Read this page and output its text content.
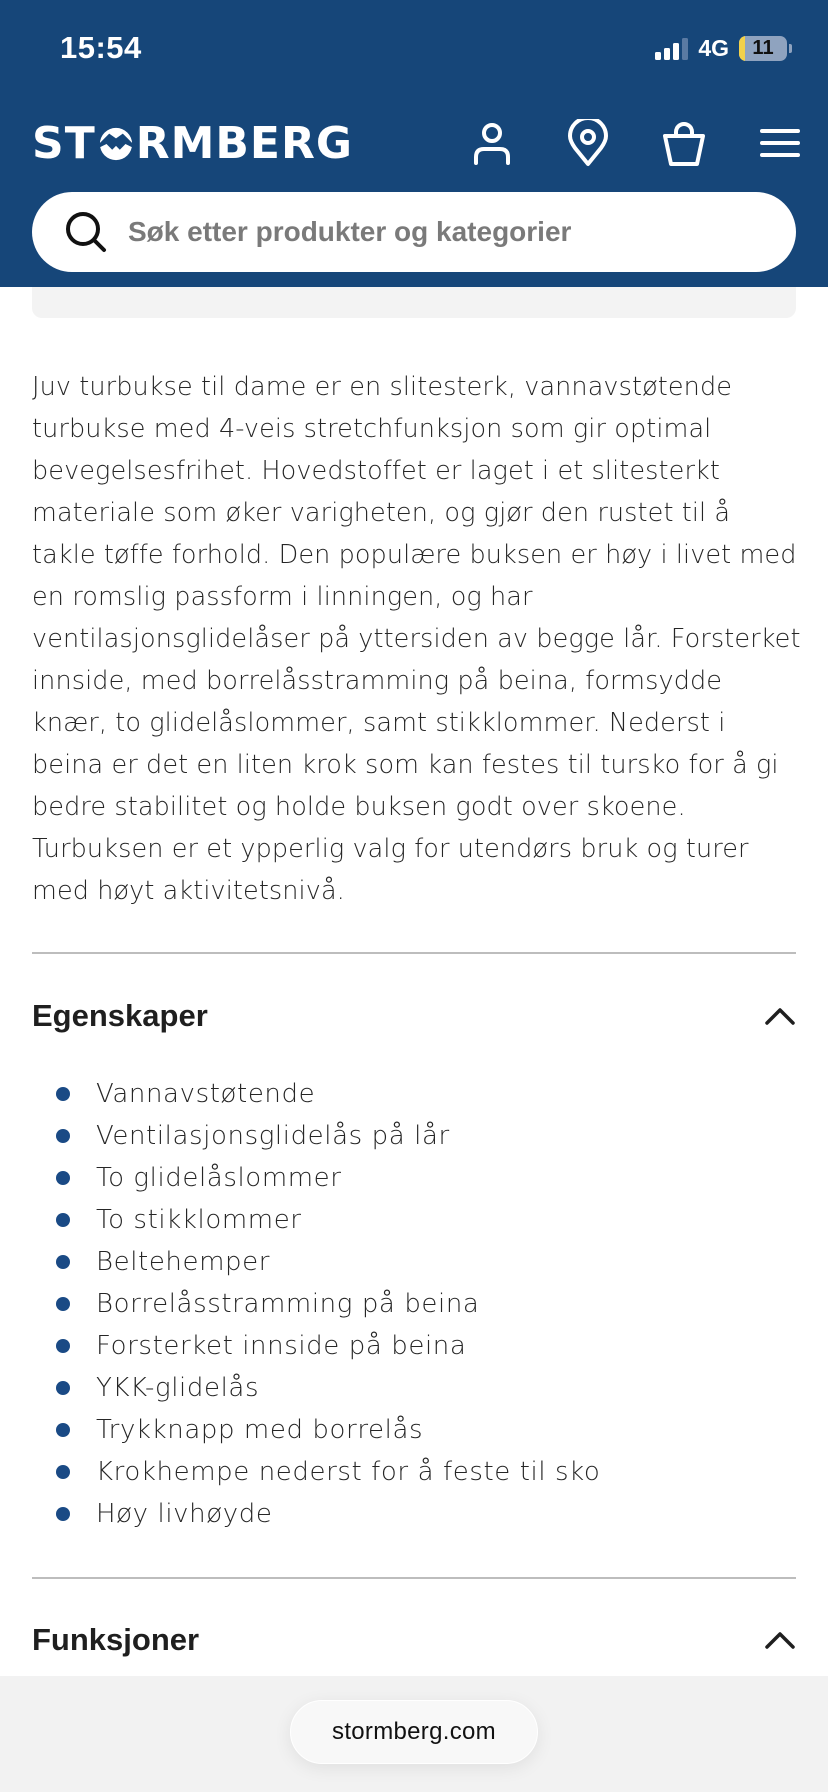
15:54	4G 11
ST RMBERG
Søk etter produkter og kategorier

Juv turbukse til dame er en slitesterk, vannavstøtende turbukse med 4-veis stretchfunksjon som gir optimal bevegelsesfrihet. Hovedstoffet er laget i et slitesterkt materiale som øker varigheten, og gjør den rustet til å takle tøffe forhold. Den populære buksen er høy i livet med en romslig passform i linningen, og har ventilasjonsglidelåser på yttersiden av begge lår. Forsterket innside, med borrelåsstramming på beina, formsydde knær, to glidelåslommer, samt stikklommer. Nederst i beina er det en liten krok som kan festes til tursko for å gi bedre stabilitet og holde buksen godt over skoene. Turbuksen er et ypperlig valg for utendørs bruk og turer med høyt aktivitetsnivå.

Egenskaper
Vannavstøtende
Ventilasjonsglidelås på lår
To glidelåslommer
To stikklommer
Beltehemper
Borrelåsstramming på beina
Forsterket innside på beina
YKK-glidelås
Trykknapp med borrelås
Krokhempe nederst for å feste til sko
Høy livhøyde
Funksjoner
stormberg.com
